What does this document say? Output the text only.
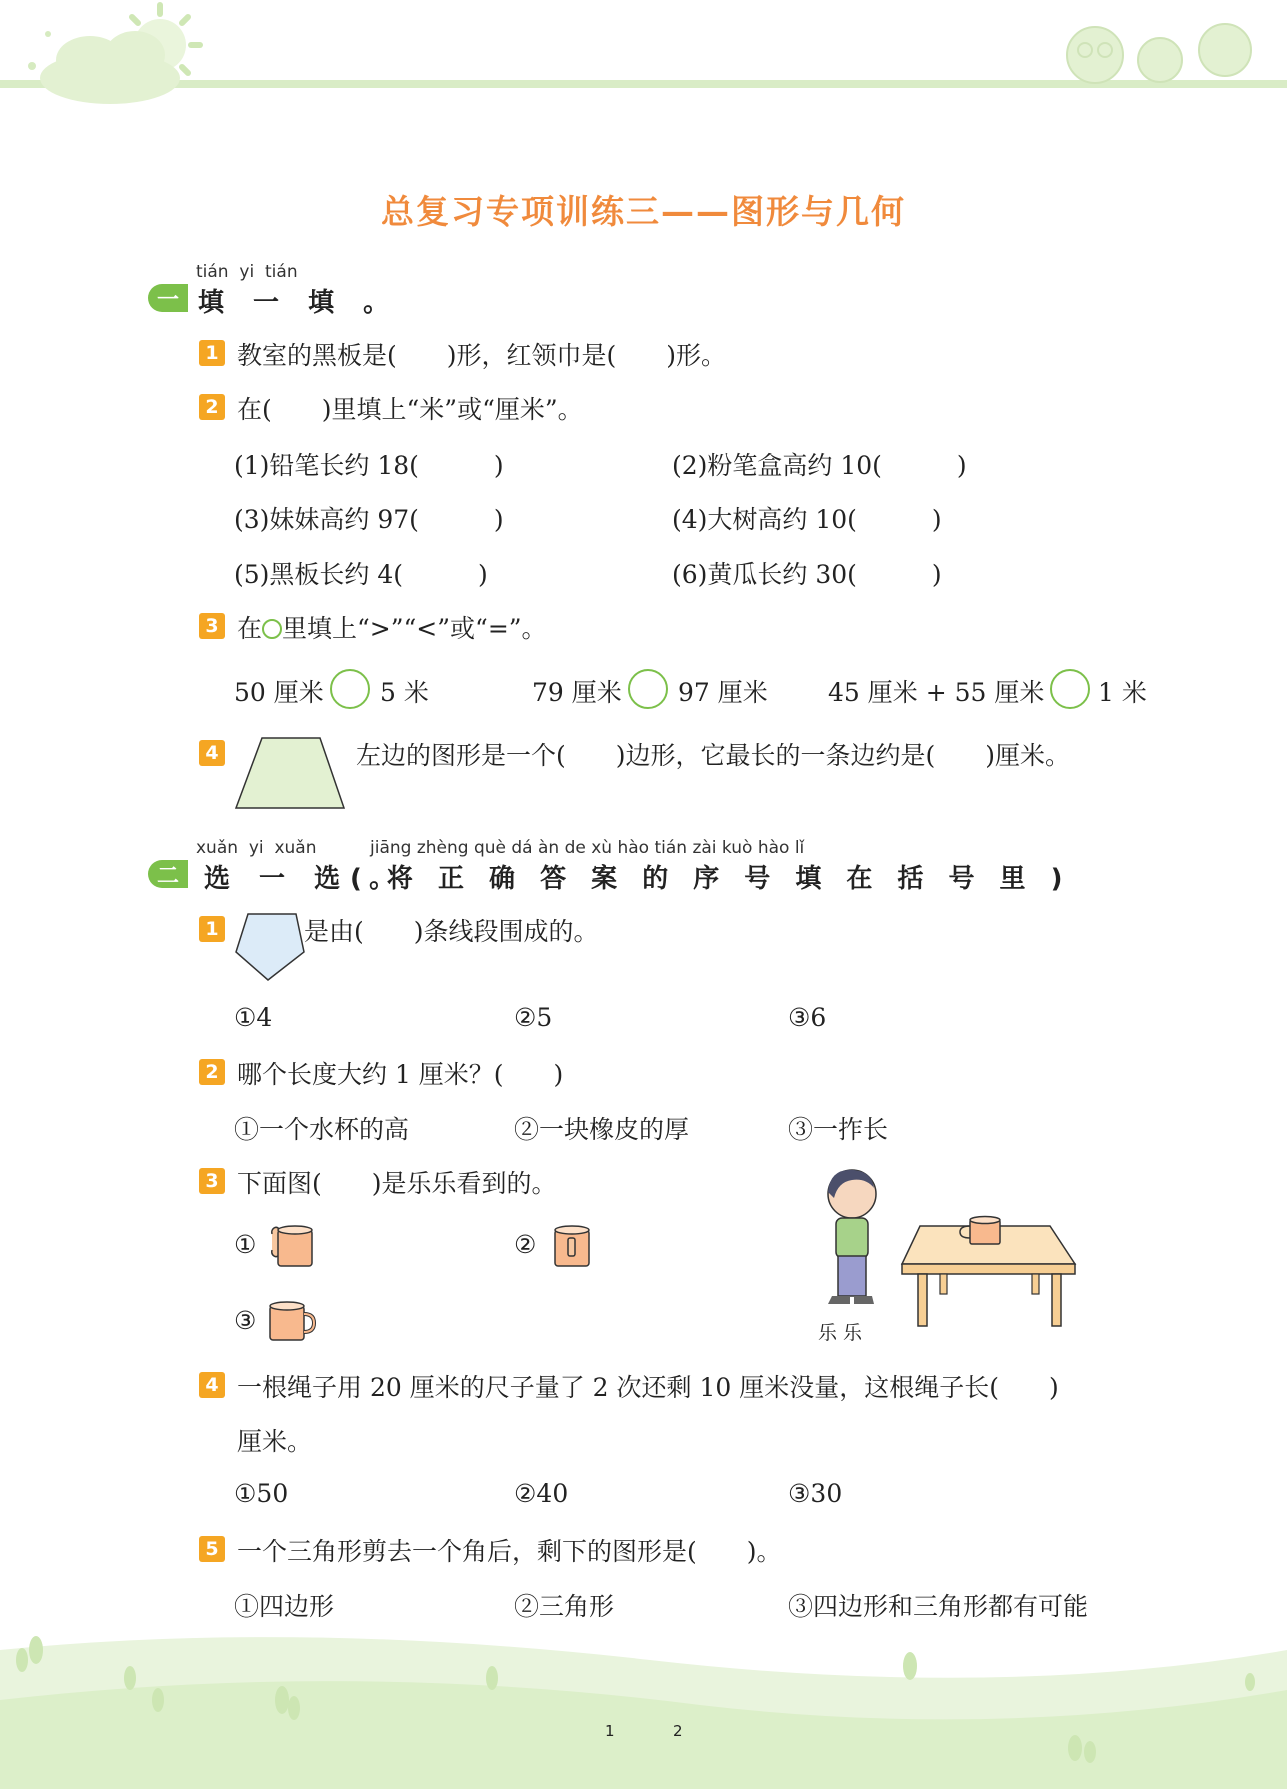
总复习专项训练三——图形与几何
tián yi tián
一 填 一 填 。
1 教室的黑板是(　　)形，红领巾是(　　)形。
2 在(　　)里填上“米”或“厘米”。
(1)铅笔长约 18(　　　)	(2)粉笔盒高约 10(　　　)
(3)妹妹高约 97(　　　)	(4)大树高约 10(　　　)
(5)黑板长约 4(　　　)	(6)黄瓜长约 30(　　　)
3 在 里填上“>”“<”或“=”。
50 厘米 5 米	79 厘米 97 厘米 45 厘米 + 55 厘米 1 米
4	左边的图形是一个(　　)边形，它最长的一条边约是(　　)厘米。
xuǎn yi xuǎn	jiāng zhèng què dá àn de xù hào tián zài kuò hào lǐ
二 选 一 选 。
( 将 正 确 答 案 的 序 号 填 在 括 号 里 )
1	是由(　　)条线段围成的。
①4	②5	③6
2 哪个长度大约 1 厘米？(　　)
①一个水杯的高	②一块橡皮的厚	③一拃长
3 下面图(　　)是乐乐看到的。
①	②
③	乐 乐
4 一根绳子用 20 厘米的尺子量了 2 次还剩 10 厘米没量，这根绳子长(　　)
厘米。
①50	②40	③30
5 一个三角形剪去一个角后，剩下的图形是(　　)。
①四边形	②三角形	③四边形和三角形都有可能
1	2
